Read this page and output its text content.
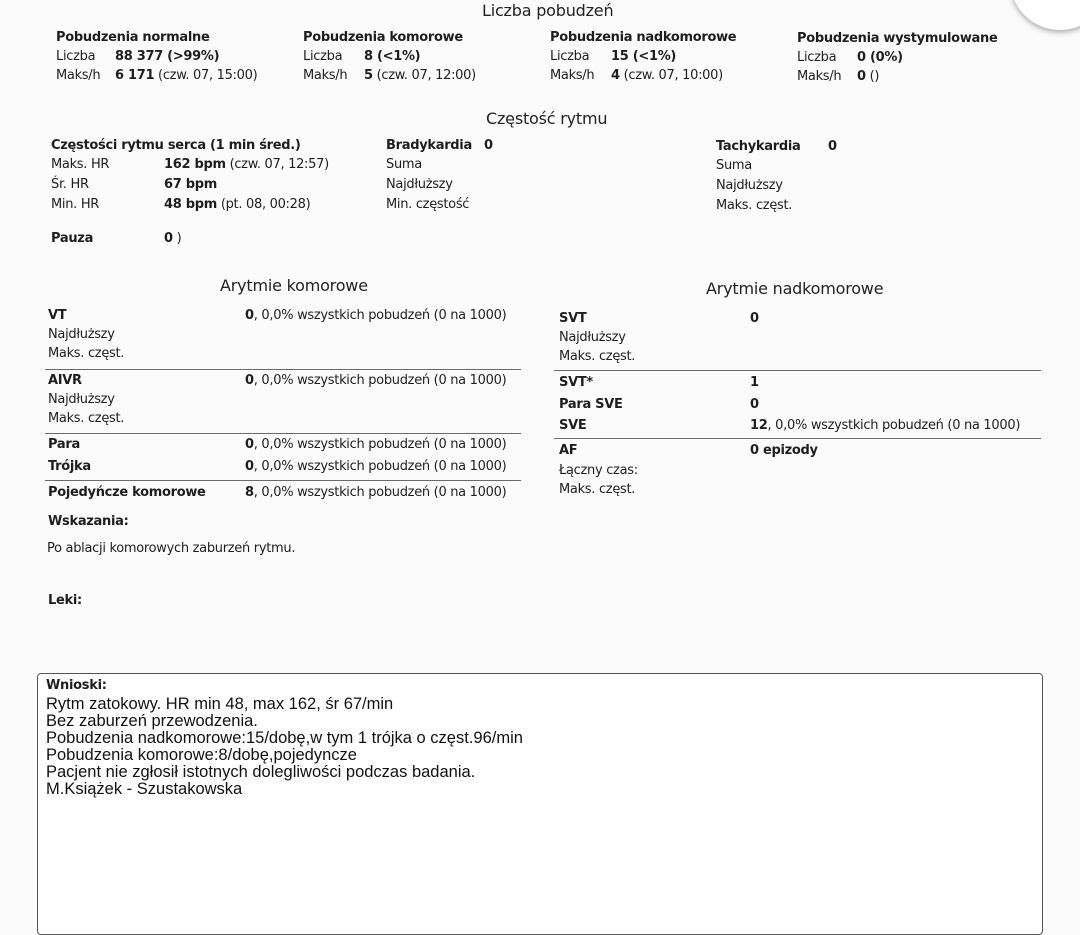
Liczba pobudzeń
Pobudzenia normalne
Liczba 88 377 (>99%)
Maks/h 6 171 (czw. 07, 15:00)
Pobudzenia komorowe
Liczba 8 (<1%)
Maks/h 5 (czw. 07, 12:00)
Pobudzenia nadkomorowe
Liczba 15 (<1%)
Maks/h 4 (czw. 07, 10:00)
Pobudzenia wystymulowane
Liczba 0 (0%)
Maks/h 0 ()
Częstość rytmu
Częstości rytmu serca (1 min śred.)
Maks. HR	162 bpm (czw. 07, 12:57)
Śr. HR	67 bpm
Min. HR	48 bpm (pt. 08, 00:28)
Pauza	0 )
Bradykardia 0
Suma
Najdłuższy
Min. częstość
Tachykardia 0
Suma
Najdłuższy
Maks. częst.
Arytmie komorowe
VT	0, 0,0% wszystkich pobudzeń (0 na 1000)
Najdłuższy
Maks. częst.
AIVR	0, 0,0% wszystkich pobudzeń (0 na 1000)
Najdłuższy
Maks. częst.
Para	0, 0,0% wszystkich pobudzeń (0 na 1000)
Trójka	0, 0,0% wszystkich pobudzeń (0 na 1000)
Pojedyńcze komorowe	8, 0,0% wszystkich pobudzeń (0 na 1000)
Arytmie nadkomorowe
SVT	0
Najdłuższy
Maks. częst.
SVT*	1
Para SVE	0
SVE	12, 0,0% wszystkich pobudzeń (0 na 1000)
AF	0 epizody
Łączny czas:
Maks. częst.
Wskazania:
Po ablacji komorowych zaburzeń rytmu.
Leki:
Wnioski:
Rytm zatokowy. HR min 48, max 162, śr 67/min
Bez zaburzeń przewodzenia.
Pobudzenia nadkomorowe:15/dobę,w tym 1 trójka o częst.96/min
Pobudzenia komorowe:8/dobę,pojedyncze
Pacjent nie zgłosił istotnych dolegliwości podczas badania.
M.Książek - Szustakowska
